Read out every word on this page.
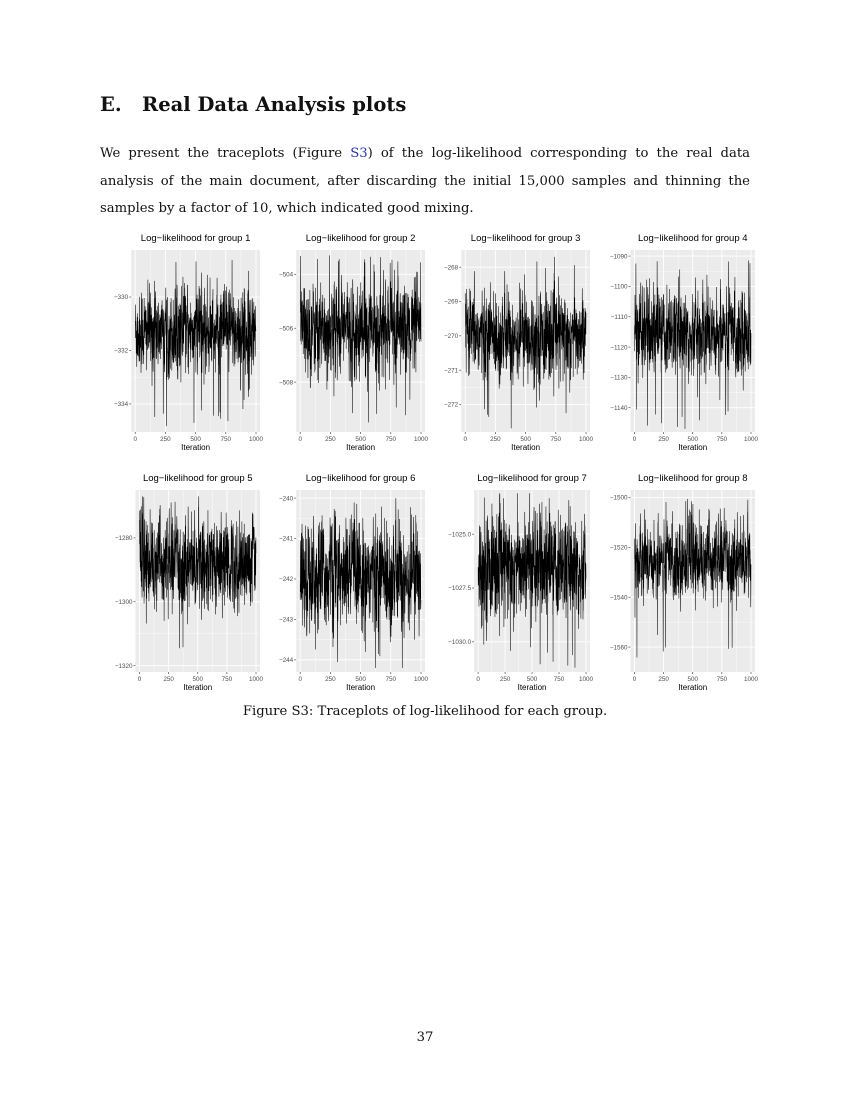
E. Real Data Analysis plots
We present the traceplots (Figure S3) of the log-likelihood corresponding to the real data analysis of the main document, after discarding the initial 15,000 samples and thinning the samples by a factor of 10, which indicated good mixing.
Log−likelihood for group 1
0	250	500	750	1000
−330
−332
−334
Iteration
Log−likelihood for group 2
0	250	500	750	1000
−504
−506
−508
Iteration
Log−likelihood for group 3
0	250	500	750	1000
−268
−269
−270
−271
−272
Iteration
Log−likelihood for group 4
0	250	500	750	1000
−1090
−1100
−1110
−1120
−1130
−1140
Iteration
Log−likelihood for group 5
0	250	500	750	1000
−1280
−1300
−1320
Iteration
Log−likelihood for group 6
0	250	500	750	1000
−240
−241
−242
−243
−244
Iteration
Log−likelihood for group 7
0	250	500	750 1000
−1025.0
−1027.5
−1030.0
Iteration
Log−likelihood for group 8
0	250	500	750	1000
−1500
−1520
−1540
−1560
Iteration
Figure S3: Traceplots of log-likelihood for each group.
37
